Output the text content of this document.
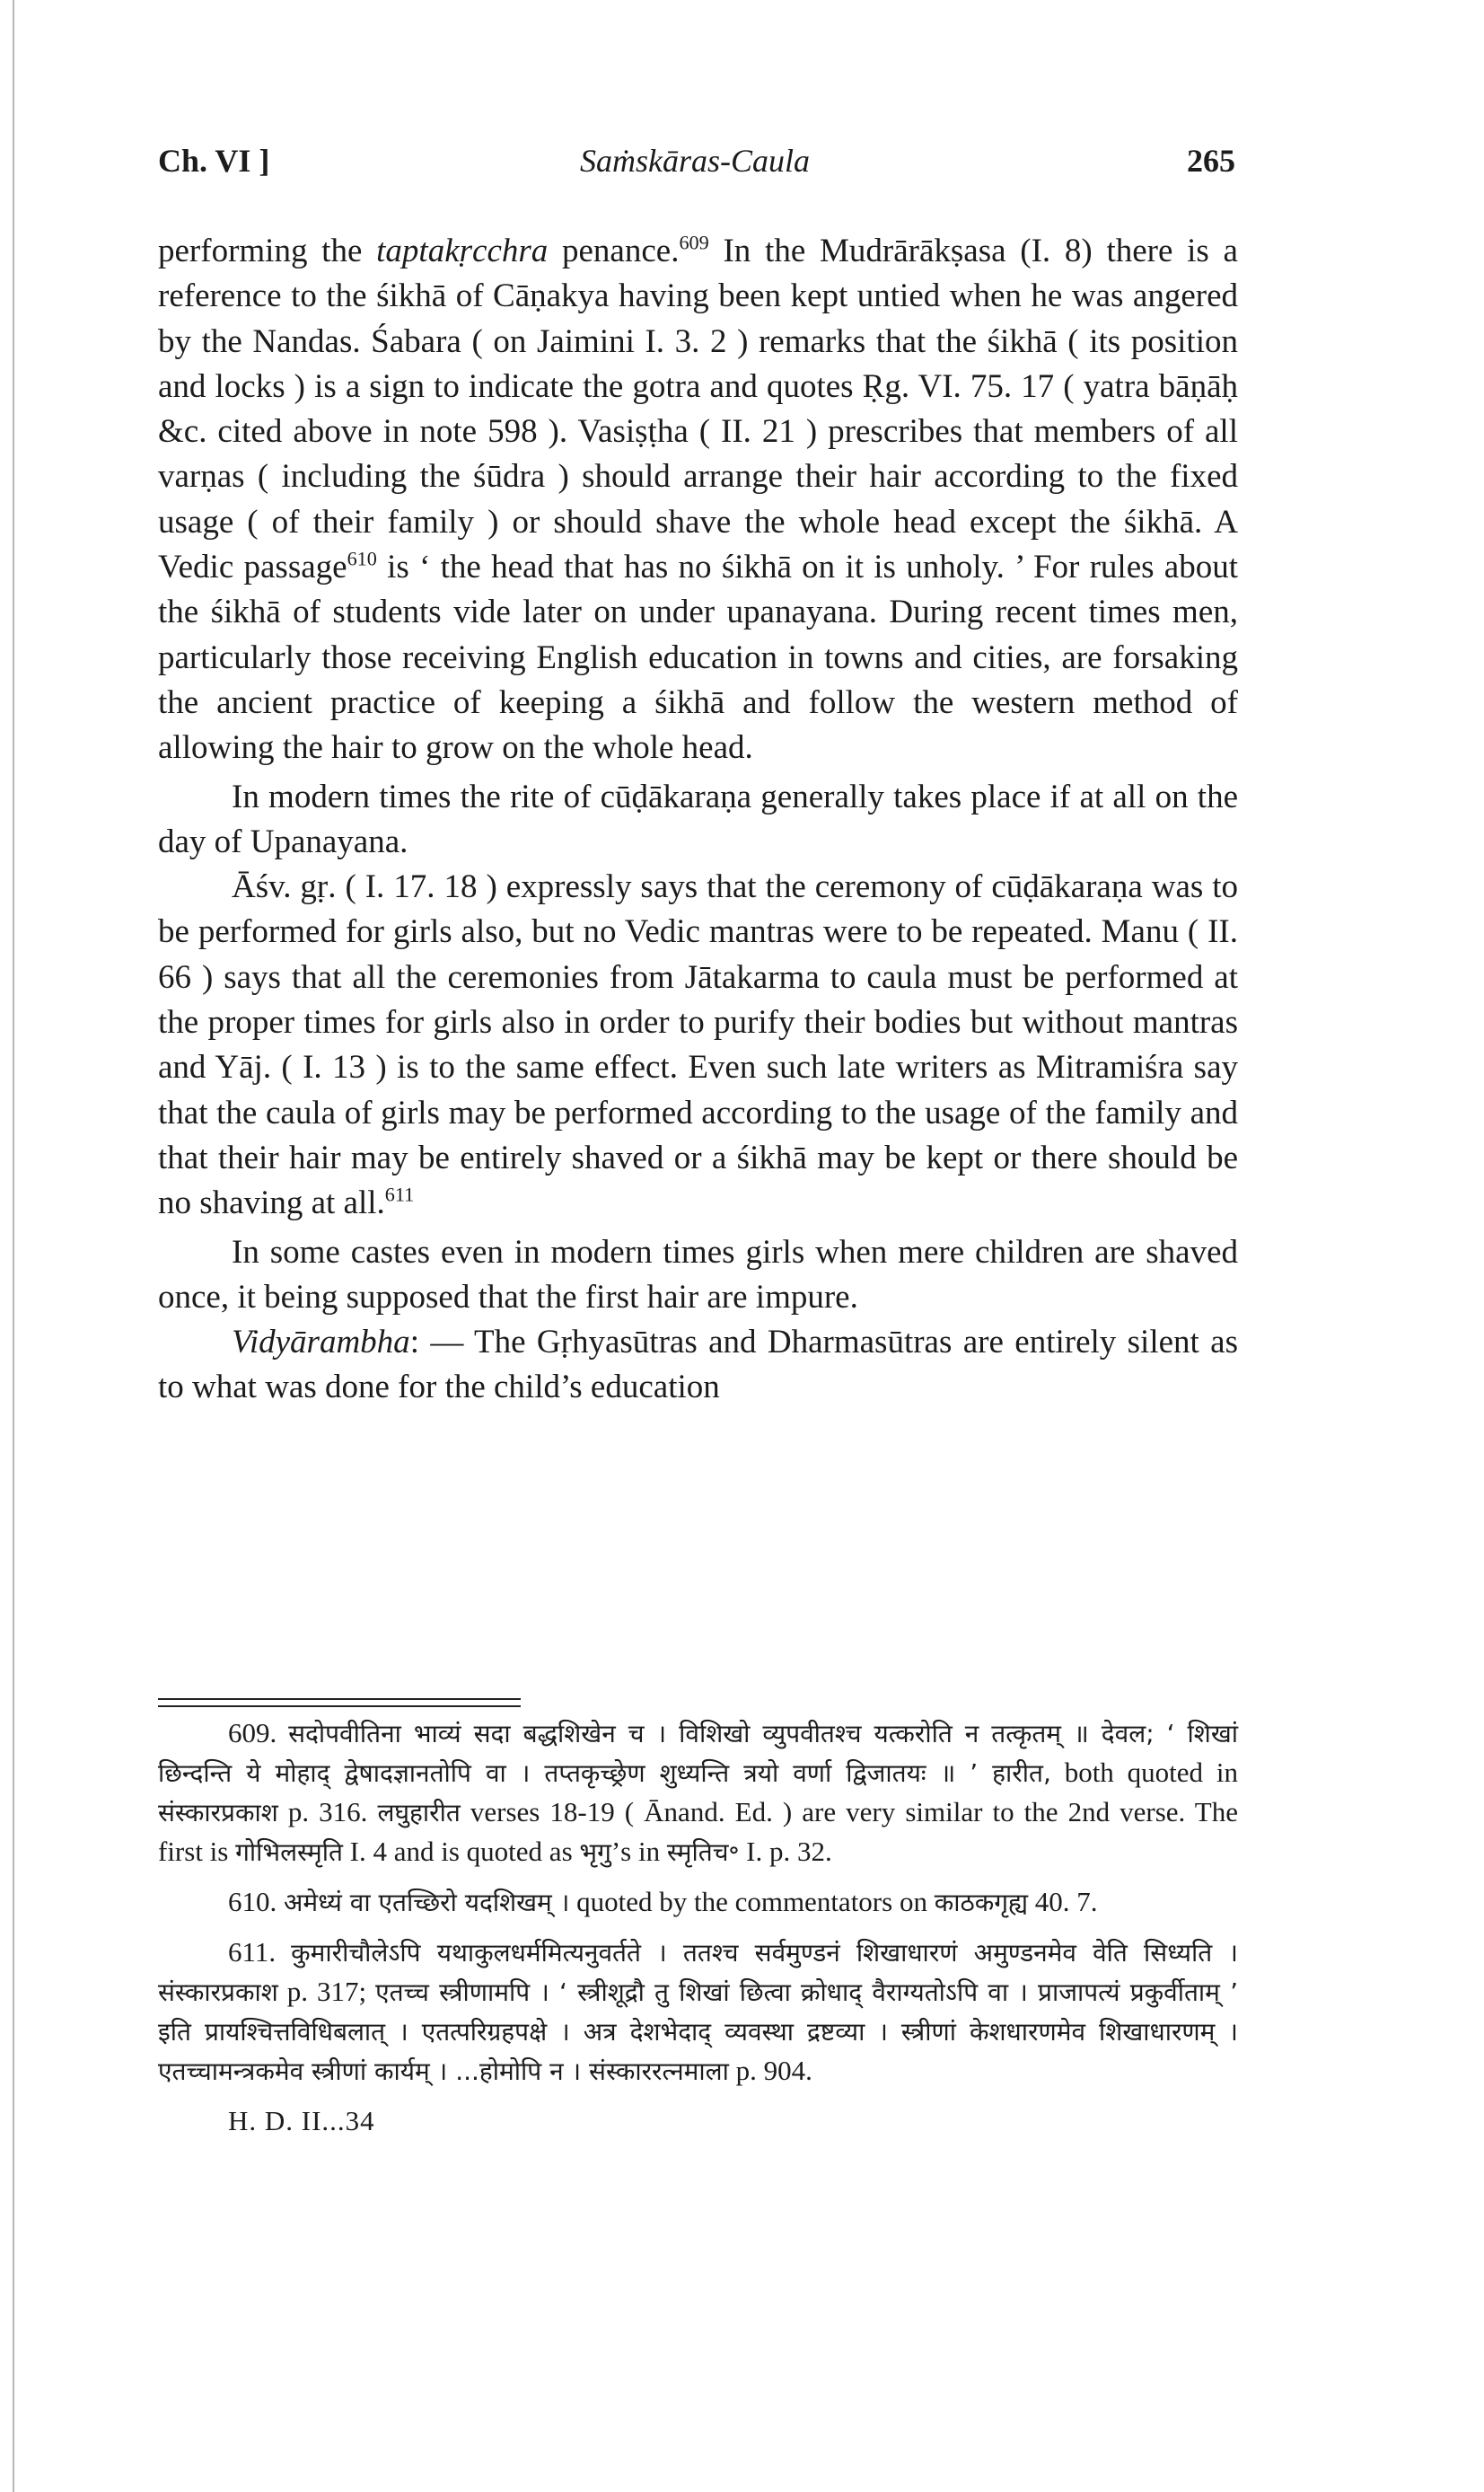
Ch. VI ]	Saṁskāras-Caula	265

performing the taptakṛcchra penance.$^{609}$ In the Mudrārākṣasa (I. 8) there is a reference to the śikhā of Cāṇakya having been kept untied when he was angered by the Nandas. Śabara ( on Jaimini I. 3. 2 ) remarks that the śikhā ( its position and locks ) is a sign to indicate the gotra and quotes Ṛg. VI. 75. 17 ( yatra bāṇāḥ &c. cited above in note 598 ). Vasiṣṭha ( II. 21 ) prescribes that members of all varṇas ( including the śūdra ) should arrange their hair according to the fixed usage ( of their family ) or should shave the whole head except the śikhā. A Vedic passage$^{610}$ is ‘ the head that has no śikhā on it is unholy. ’ For rules about the śikhā of students vide later on under upanayana. During recent times men, particularly those receiving English education in towns and cities, are forsaking the ancient practice of keeping a śikhā and follow the western method of allowing the hair to grow on the whole head.

In modern times the rite of cūḍākaraṇa generally takes place if at all on the day of Upanayana.

Āśv. gṛ. ( I. 17. 18 ) expressly says that the ceremony of cūḍākaraṇa was to be performed for girls also, but no Vedic mantras were to be repeated. Manu ( II. 66 ) says that all the ceremonies from Jātakarma to caula must be performed at the proper times for girls also in order to purify their bodies but without mantras and Yāj. ( I. 13 ) is to the same effect. Even such late writers as Mitramiśra say that the caula of girls may be performed according to the usage of the family and that their hair may be entirely shaved or a śikhā may be kept or there should be no shaving at all.$^{611}$

In some castes even in modern times girls when mere children are shaved once, it being supposed that the first hair are impure.

Vidyārambha: — The Gṛhyasūtras and Dharmasūtras are entirely silent as to what was done for the child’s education

609. सदोपवीतिना भाव्यं सदा बद्धशिखेन च । विशिखो व्युपवीतश्च यत्करोति न तत्कृतम् ॥ देवल; ‘ शिखां छिन्दन्ति ये मोहाद् द्वेषादज्ञानतोपि वा । तप्तकृच्छ्रेण शुध्यन्ति त्रयो वर्णा द्विजातयः ॥ ’ हारीत, both quoted in संस्कारप्रकाश p. 316. लघुहारीत verses 18-19 ( Ānand. Ed. ) are very similar to the 2nd verse. The first is गोभिलस्मृति I. 4 and is quoted as भृगु’s in स्मृतिच॰ I. p. 32.

610. अमेध्यं वा एतच्छिरो यदशिखम् । quoted by the commentators on काठकगृह्य 40. 7.

611. कुमारीचौलेऽपि यथाकुलधर्ममित्यनुवर्तते । ततश्च सर्वमुण्डनं शिखाधारणं अमुण्डनमेव वेति सिध्यति । संस्कारप्रकाश p. 317; एतच्च स्त्रीणामपि । ‘ स्त्रीशूद्रौ तु शिखां छित्वा क्रोधाद् वैराग्यतोऽपि वा । प्राजापत्यं प्रकुर्वीताम् ’ इति प्रायश्चित्तविधिबलात् । एतत्परिग्रहपक्षे । अत्र देशभेदाद् व्यवस्था द्रष्टव्या । स्त्रीणां केशधारणमेव शिखाधारणम् । एतच्चामन्त्रकमेव स्त्रीणां कार्यम् । ...होमोपि न । संस्काररत्नमाला p. 904.

H. D. II...34
